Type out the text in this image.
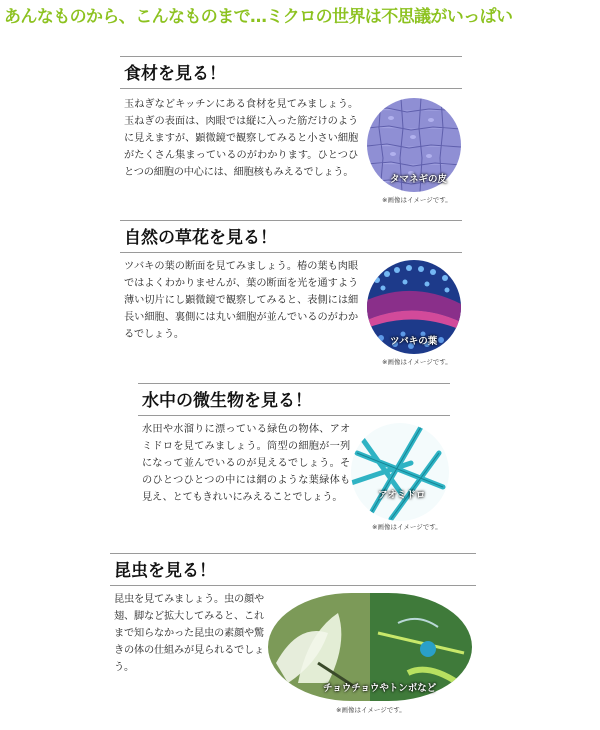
あんなものから、こんなものまで…ミクロの世界は不思議がいっぱい
食材を見る！
玉ねぎなどキッチンにある食材を見てみましょう。玉ねぎの表面は、肉眼では縦に入った筋だけのように見えますが、顕微鏡で観察してみると小さい細胞がたくさん集まっているのがわかります。ひとつひとつの細胞の中心には、細胞核もみえるでしょう。
タマネギの皮
※画像はイメージです。
自然の草花を見る！
ツバキの葉の断面を見てみましょう。椿の葉も肉眼ではよくわかりませんが、葉の断面を光を通すよう薄い切片にし顕微鏡で観察してみると、表側には細長い細胞、裏側には丸い細胞が並んでいるのがわかるでしょう。
ツバキの葉
※画像はイメージです。
水中の微生物を見る！
水田や水溜りに漂っている緑色の物体、アオミドロを見てみましょう。筒型の細胞が一列になって並んでいるのが見えるでしょう。そのひとつひとつの中には網のような葉緑体も見え、とてもきれいにみえることでしょう。	アオミドロ
※画像はイメージです。
昆虫を見る！
昆虫を見てみましょう。虫の顔や翅、脚など拡大してみると、これまで知らなかった昆虫の素顔や驚きの体の仕組みが見られるでしょう。
チョウチョウやトンボなど
※画像はイメージです。
